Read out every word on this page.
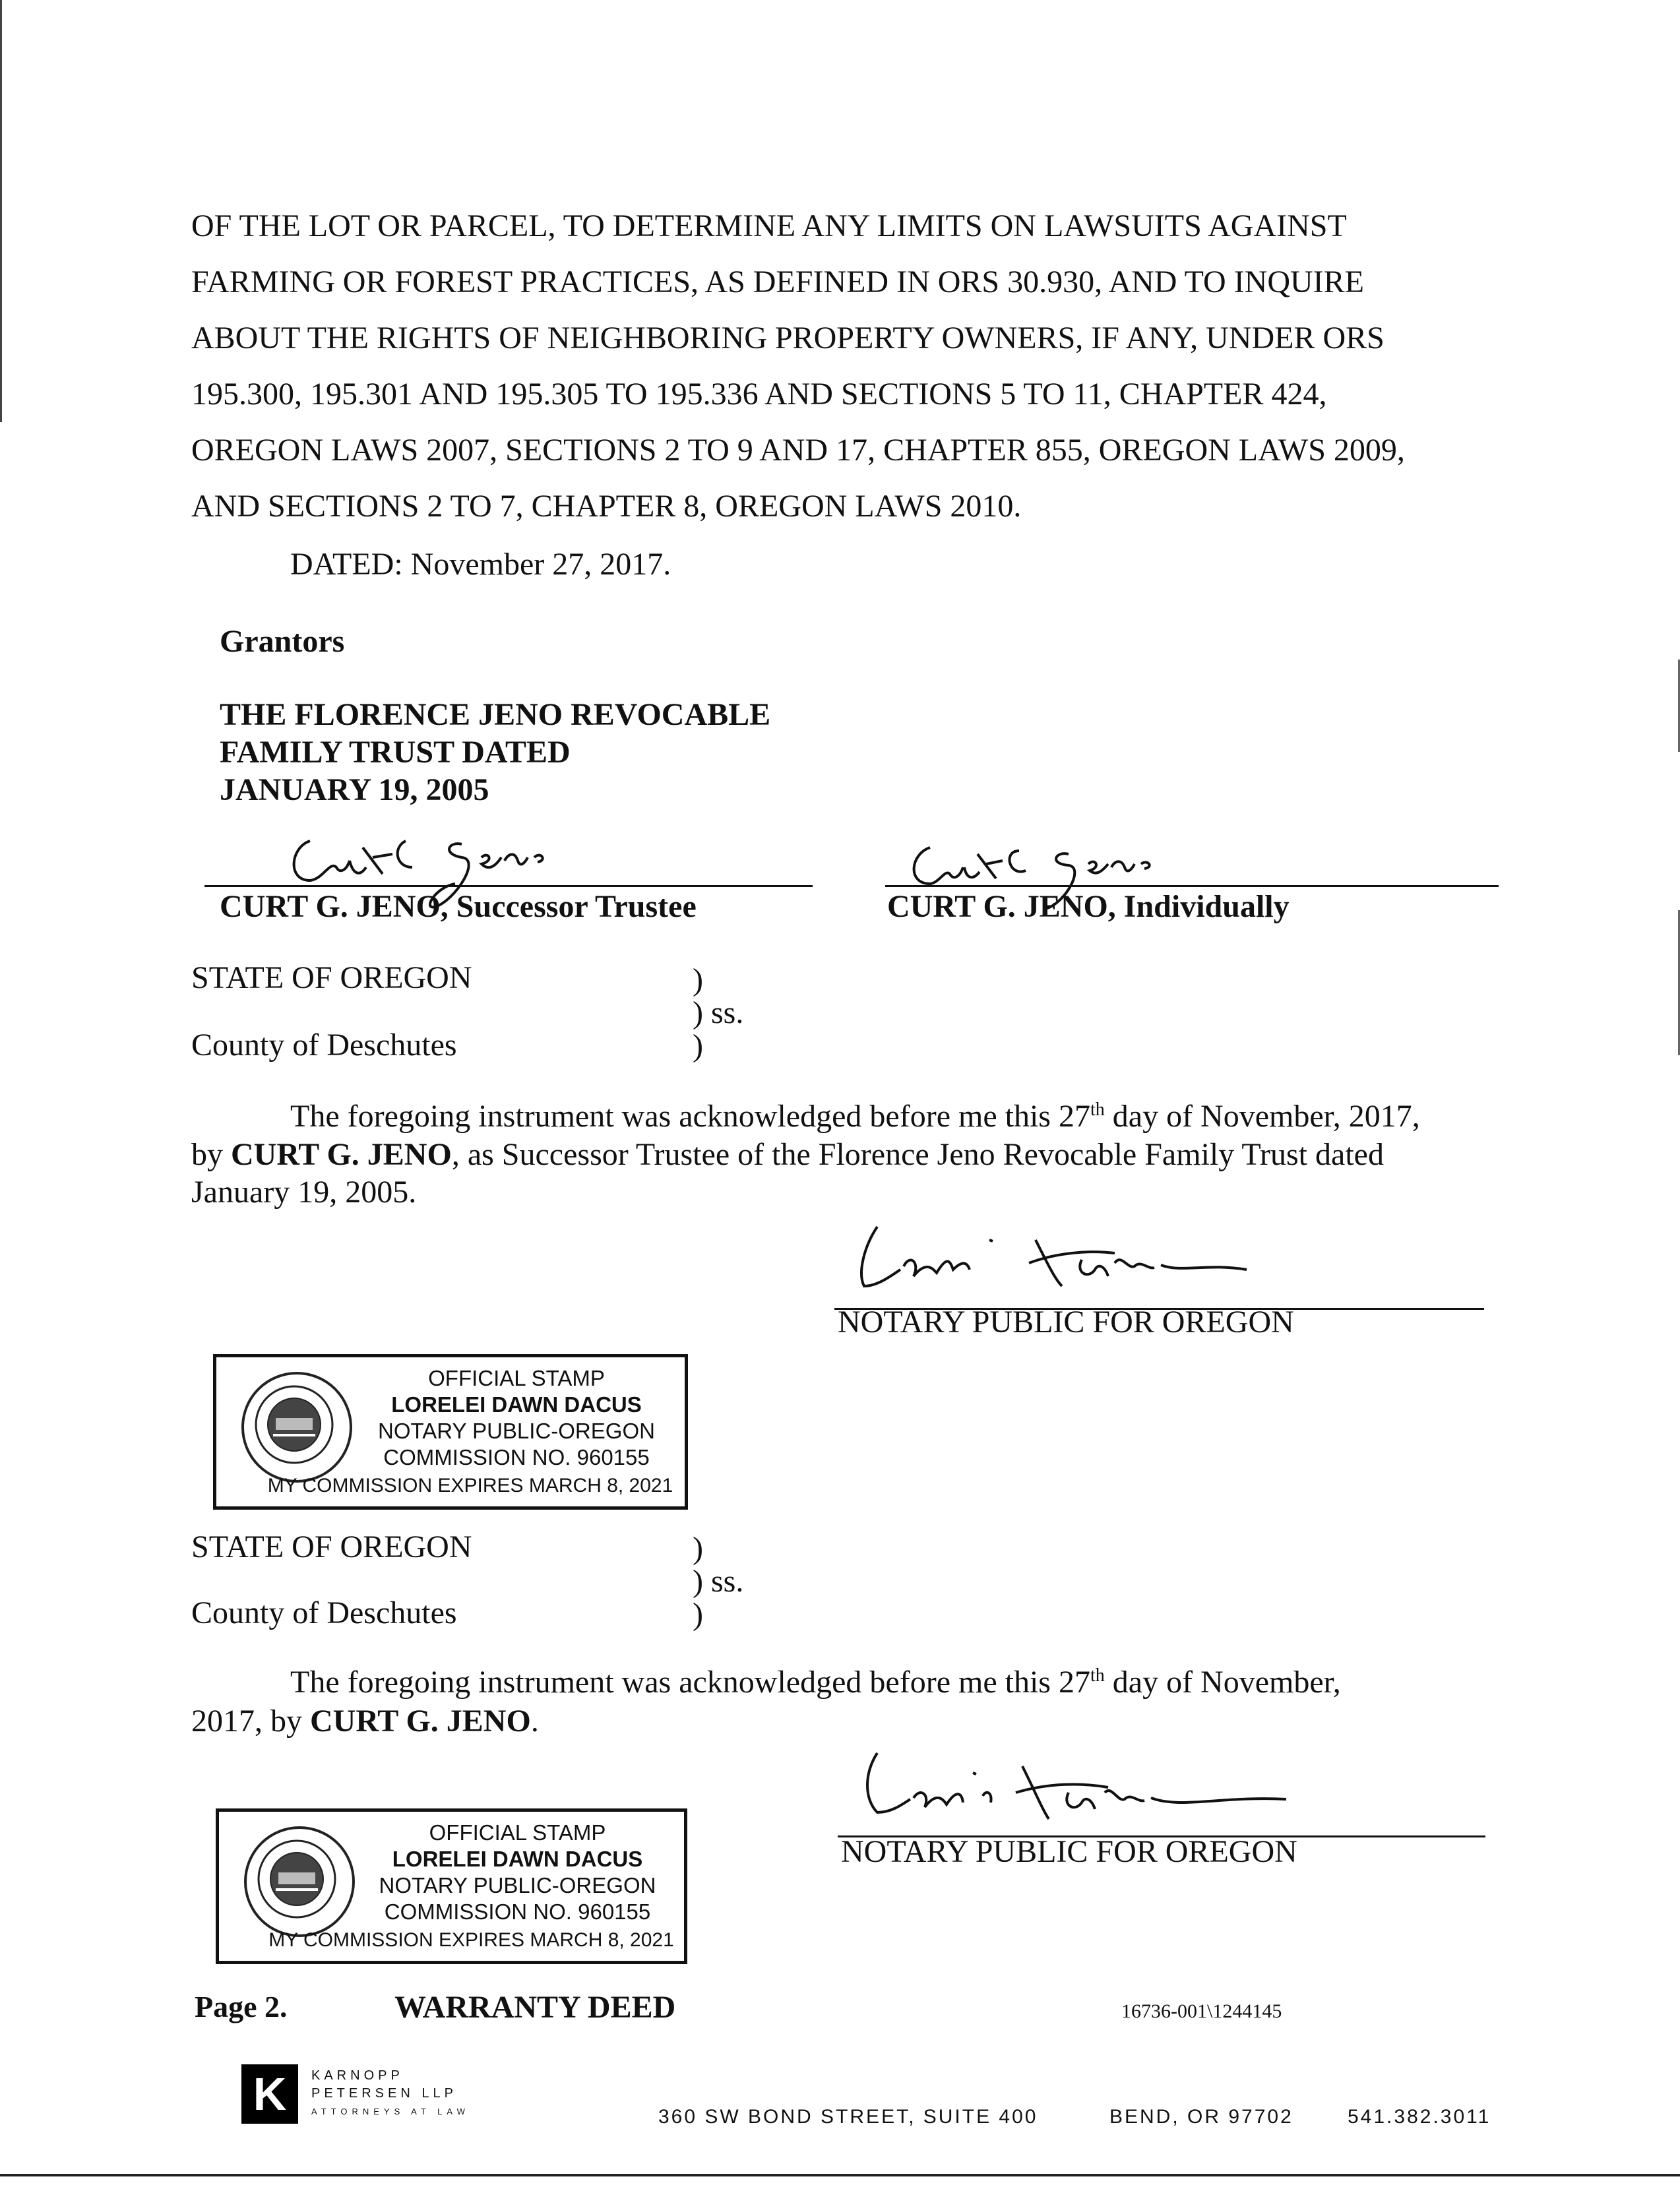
OF THE LOT OR PARCEL, TO DETERMINE ANY LIMITS ON LAWSUITS AGAINST
FARMING OR FOREST PRACTICES, AS DEFINED IN ORS 30.930, AND TO INQUIRE
ABOUT THE RIGHTS OF NEIGHBORING PROPERTY OWNERS, IF ANY, UNDER ORS
195.300, 195.301 AND 195.305 TO 195.336 AND SECTIONS 5 TO 11, CHAPTER 424,
OREGON LAWS 2007, SECTIONS 2 TO 9 AND 17, CHAPTER 855, OREGON LAWS 2009,
AND SECTIONS 2 TO 7, CHAPTER 8, OREGON LAWS 2010.
DATED: November 27, 2017.
Grantors
THE FLORENCE JENO REVOCABLE
FAMILY TRUST DATED
JANUARY 19, 2005
CURT G. JENO, Successor Trustee	CURT G. JENO, Individually
STATE OF OREGON
County of Deschutes
)
) ss.
)
The foregoing instrument was acknowledged before me this 27th day of November, 2017,
by CURT G. JENO, as Successor Trustee of the Florence Jeno Revocable Family Trust dated
January 19, 2005.
NOTARY PUBLIC FOR OREGON
OFFICIAL STAMP
LORELEI DAWN DACUS
NOTARY PUBLIC-OREGON
COMMISSION NO. 960155
MY COMMISSION EXPIRES MARCH 8, 2021
STATE OF OREGON
County of Deschutes
)
) ss.
)
The foregoing instrument was acknowledged before me this 27th day of November,
2017, by CURT G. JENO.
NOTARY PUBLIC FOR OREGON
OFFICIAL STAMP
LORELEI DAWN DACUS
NOTARY PUBLIC-OREGON
COMMISSION NO. 960155
MY COMMISSION EXPIRES MARCH 8, 2021
Page 2.	WARRANTY DEED	16736-001\1244145
K	KARNOPP
PETERSEN LLP
ATTORNEYS AT LAW	360 SW BOND STREET, SUITE 400	BEND, OR 97702	541.382.3011
